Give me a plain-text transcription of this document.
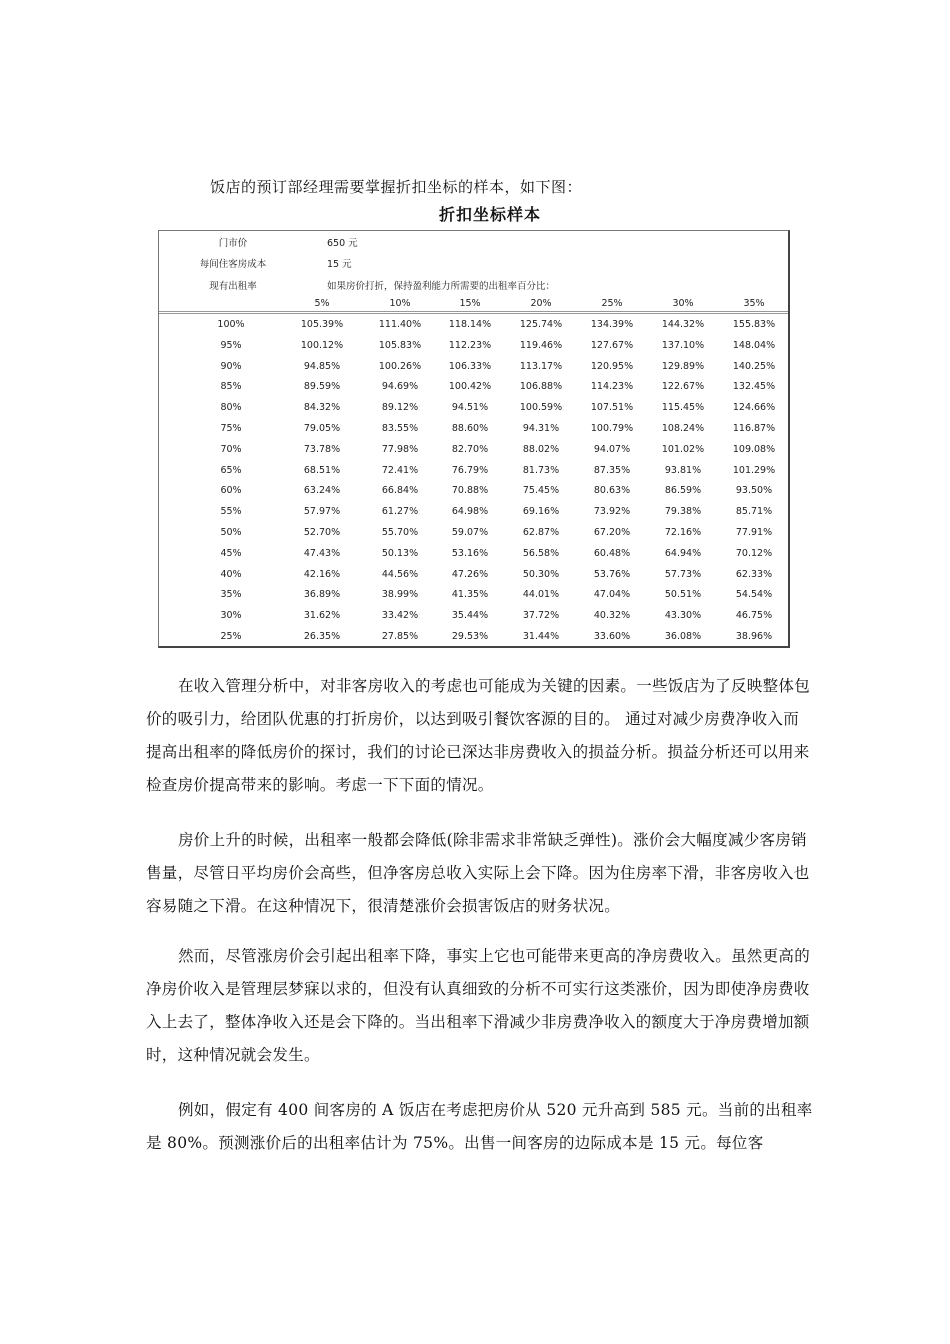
饭店的预订部经理需要掌握折扣坐标的样本，如下图：
折扣坐标样本
门市价	650 元
每间住客房成本	15 元
现有出租率	如果房价打折，保持盈利能力所需要的出租率百分比：
5%	10%	15%	20%	25%	30%	35%
100%	105.39%	111.40%	118.14%	125.74%	134.39%	144.32%	155.83%
95%	100.12%	105.83%	112.23%	119.46%	127.67%	137.10%	148.04%
90%	94.85%	100.26%	106.33%	113.17%	120.95%	129.89%	140.25%
85%	89.59%	94.69%	100.42%	106.88%	114.23%	122.67%	132.45%
80%	84.32%	89.12%	94.51%	100.59%	107.51%	115.45%	124.66%
75%	79.05%	83.55%	88.60%	94.31%	100.79%	108.24%	116.87%
70%	73.78%	77.98%	82.70%	88.02%	94.07%	101.02%	109.08%
65%	68.51%	72.41%	76.79%	81.73%	87.35%	93.81%	101.29%
60%	63.24%	66.84%	70.88%	75.45%	80.63%	86.59%	93.50%
55%	57.97%	61.27%	64.98%	69.16%	73.92%	79.38%	85.71%
50%	52.70%	55.70%	59.07%	62.87%	67.20%	72.16%	77.91%
45%	47.43%	50.13%	53.16%	56.58%	60.48%	64.94%	70.12%
40%	42.16%	44.56%	47.26%	50.30%	53.76%	57.73%	62.33%
35%	36.89%	38.99%	41.35%	44.01%	47.04%	50.51%	54.54%
30%	31.62%	33.42%	35.44%	37.72%	40.32%	43.30%	46.75%
25%	26.35%	27.85%	29.53%	31.44%	33.60%	36.08%	38.96%

在收入管理分析中，对非客房收入的考虑也可能成为关键的因素。一些饭店为了反映整体包价的吸引力，给团队优惠的打折房价，以达到吸引餐饮客源的目的。 通过对减少房费净收入而提高出租率的降低房价的探讨，我们的讨论已深达非房费收入的损益分析。损益分析还可以用来检查房价提高带来的影响。考虑一下下面的情况。

房价上升的时候，出租率一般都会降低(除非需求非常缺乏弹性)。涨价会大幅度减少客房销售量，尽管日平均房价会高些，但净客房总收入实际上会下降。因为住房率下滑，非客房收入也容易随之下滑。在这种情况下，很清楚涨价会损害饭店的财务状况。

然而，尽管涨房价会引起出租率下降，事实上它也可能带来更高的净房费收入。虽然更高的净房价收入是管理层梦寐以求的，但没有认真细致的分析不可实行这类涨价，因为即使净房费收入上去了，整体净收入还是会下降的。当出租率下滑减少非房费净收入的额度大于净房费增加额时，这种情况就会发生。

例如，假定有 400 间客房的 A 饭店在考虑把房价从 520 元升高到 585 元。当前的出租率是 80%。预测涨价后的出租率估计为 75%。出售一间客房的边际成本是 15 元。每位客
